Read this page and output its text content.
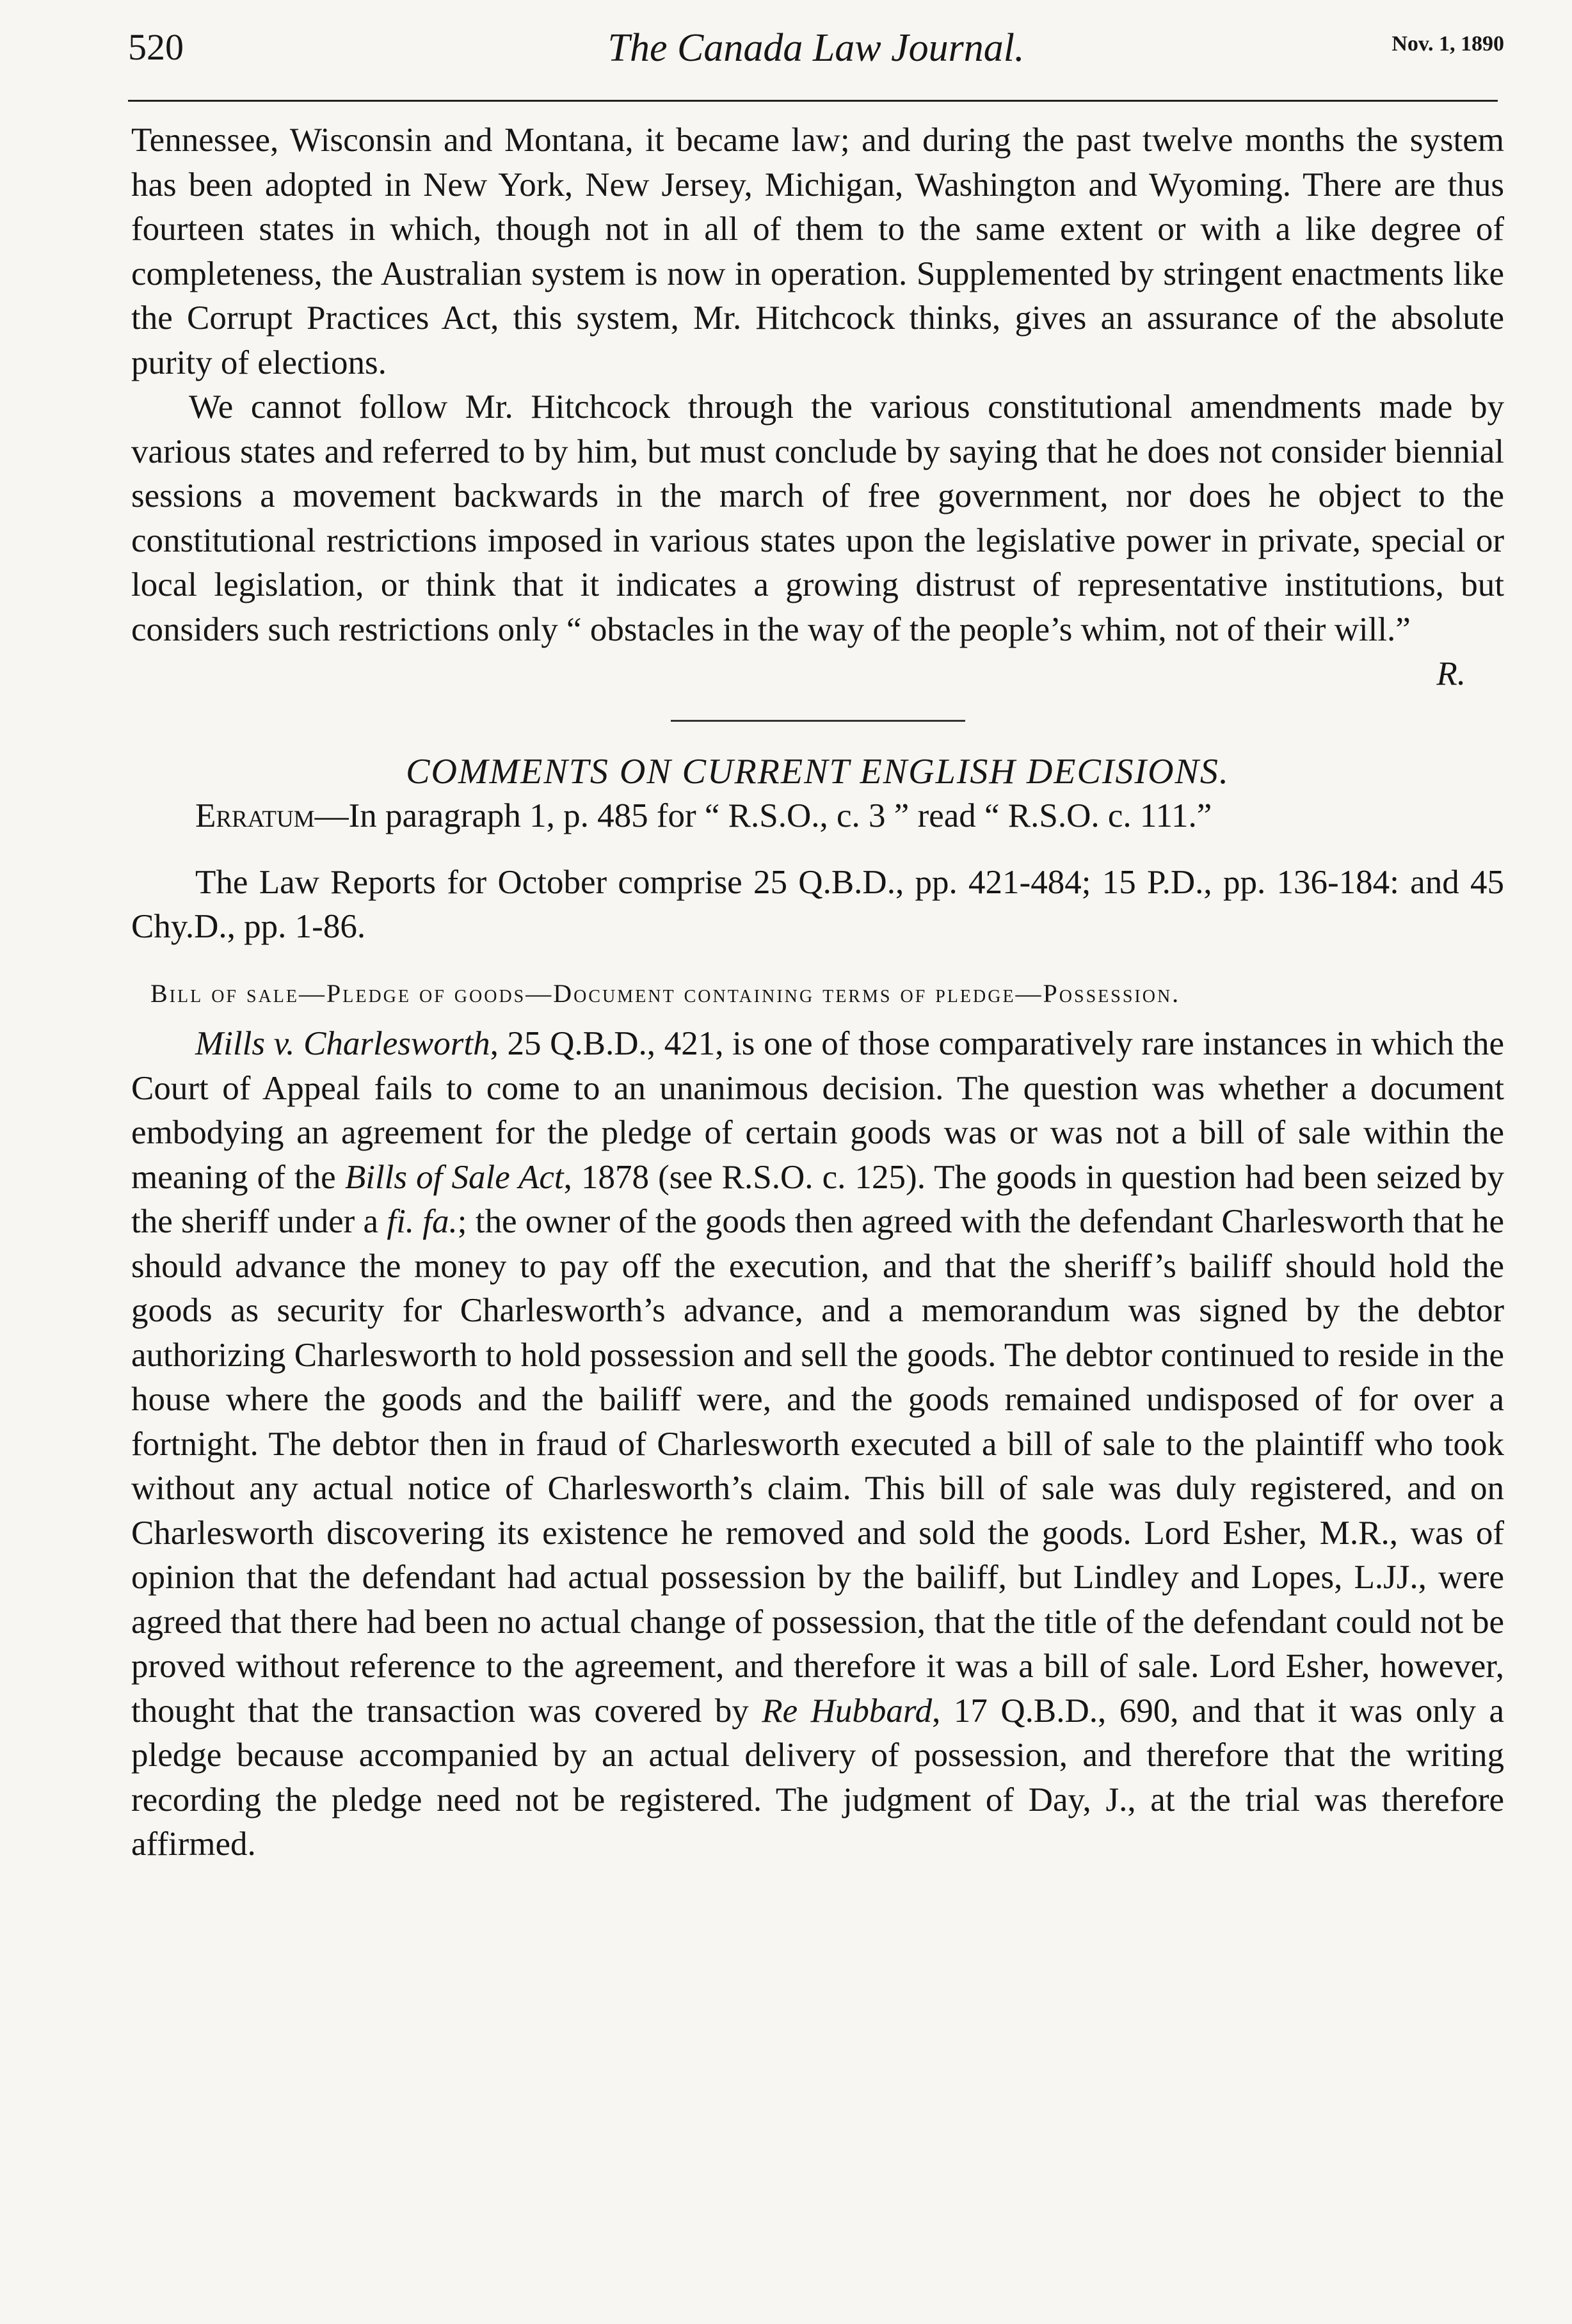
520	The Canada Law Journal.	Nov. 1, 1890

Tennessee, Wisconsin and Montana, it became law; and during the past twelve months the system has been adopted in New York, New Jersey, Michigan, Washington and Wyoming. There are thus fourteen states in which, though not in all of them to the same extent or with a like degree of completeness, the Australian system is now in operation. Supplemented by stringent enactments like the Corrupt Practices Act, this system, Mr. Hitchcock thinks, gives an assurance of the absolute purity of elections.

We cannot follow Mr. Hitchcock through the various constitutional amendments made by various states and referred to by him, but must conclude by saying that he does not consider biennial sessions a movement backwards in the march of free government, nor does he object to the constitutional restrictions imposed in various states upon the legislative power in private, special or local legislation, or think that it indicates a growing distrust of representative institutions, but considers such restrictions only “ obstacles in the way of the people’s whim, not of their will.”

R.

COMMENTS ON CURRENT ENGLISH DECISIONS.

Erratum—In paragraph 1, p. 485 for “ R.S.O., c. 3 ” read “ R.S.O. c. 111.”

The Law Reports for October comprise 25 Q.B.D., pp. 421-484; 15 P.D., pp. 136-184: and 45 Chy.D., pp. 1-86.

Bill of sale—Pledge of goods—Document containing terms of pledge—Possession.

Mills v. Charlesworth, 25 Q.B.D., 421, is one of those comparatively rare instances in which the Court of Appeal fails to come to an unanimous decision. The question was whether a document embodying an agreement for the pledge of certain goods was or was not a bill of sale within the meaning of the Bills of Sale Act, 1878 (see R.S.O. c. 125). The goods in question had been seized by the sheriff under a fi. fa.; the owner of the goods then agreed with the defendant Charlesworth that he should advance the money to pay off the execution, and that the sheriff’s bailiff should hold the goods as security for Charlesworth’s advance, and a memorandum was signed by the debtor authorizing Charlesworth to hold possession and sell the goods. The debtor continued to reside in the house where the goods and the bailiff were, and the goods remained undisposed of for over a fortnight. The debtor then in fraud of Charlesworth executed a bill of sale to the plaintiff who took without any actual notice of Charlesworth’s claim. This bill of sale was duly registered, and on Charlesworth discovering its existence he removed and sold the goods. Lord Esher, M.R., was of opinion that the defendant had actual possession by the bailiff, but Lindley and Lopes, L.JJ., were agreed that there had been no actual change of possession, that the title of the defendant could not be proved without reference to the agreement, and therefore it was a bill of sale. Lord Esher, however, thought that the transaction was covered by Re Hubbard, 17 Q.B.D., 690, and that it was only a pledge because accompanied by an actual delivery of possession, and therefore that the writing recording the pledge need not be registered. The judgment of Day, J., at the trial was therefore affirmed.
